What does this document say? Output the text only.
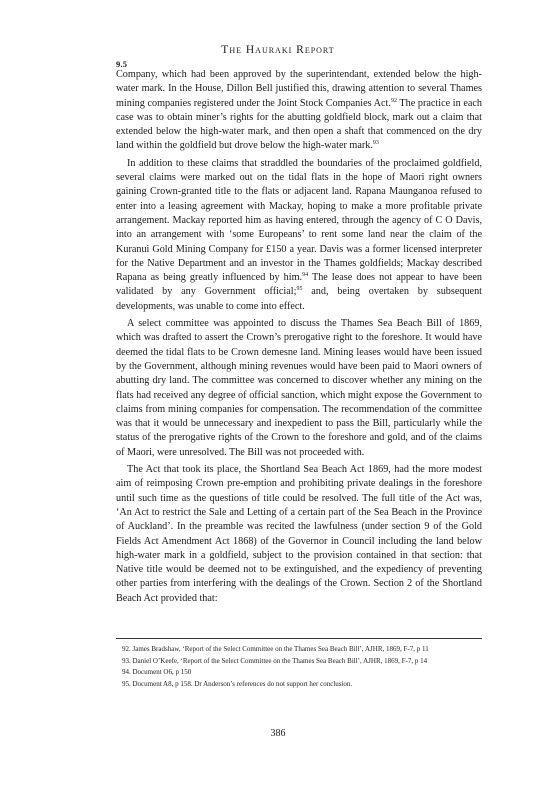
The Hauraki Report
9.5

Company, which had been approved by the superintendant, extended below the high-water mark. In the House, Dillon Bell justified this, drawing attention to several Thames mining companies registered under the Joint Stock Companies Act.$^{92}$ The practice in each case was to obtain miner’s rights for the abutting goldfield block, mark out a claim that extended below the high-water mark, and then open a shaft that commenced on the dry land within the goldfield but drove below the high-water mark.$^{93}$

In addition to these claims that straddled the boundaries of the proclaimed goldfield, several claims were marked out on the tidal flats in the hope of Maori right owners gaining Crown-granted title to the flats or adjacent land. Rapana Maunganoa refused to enter into a leasing agreement with Mackay, hoping to make a more profitable private arrangement. Mackay reported him as having entered, through the agency of C O Davis, into an arrangement with ‘some Europeans’ to rent some land near the claim of the Kuranui Gold Mining Company for £150 a year. Davis was a former licensed interpreter for the Native Department and an investor in the Thames goldfields; Mackay described Rapana as being greatly influenced by him.$^{94}$ The lease does not appear to have been validated by any Government official;$^{95}$ and, being overtaken by subsequent developments, was unable to come into effect.

A select committee was appointed to discuss the Thames Sea Beach Bill of 1869, which was drafted to assert the Crown’s prerogative right to the foreshore. It would have deemed the tidal flats to be Crown demesne land. Mining leases would have been issued by the Government, although mining revenues would have been paid to Maori owners of abutting dry land. The committee was concerned to discover whether any mining on the flats had received any degree of official sanction, which might expose the Government to claims from mining companies for compensation. The recommendation of the committee was that it would be unnecessary and inexpedient to pass the Bill, particularly while the status of the prerogative rights of the Crown to the foreshore and gold, and of the claims of Maori, were unresolved. The Bill was not proceeded with.

The Act that took its place, the Shortland Sea Beach Act 1869, had the more modest aim of reimposing Crown pre-emption and prohibiting private dealings in the foreshore until such time as the questions of title could be resolved. The full title of the Act was, ‘An Act to restrict the Sale and Letting of a certain part of the Sea Beach in the Province of Auckland’. In the preamble was recited the lawfulness (under section 9 of the Gold Fields Act Amendment Act 1868) of the Governor in Council including the land below high-water mark in a goldfield, subject to the provision contained in that section: that Native title would be deemed not to be extinguished, and the expediency of preventing other parties from interfering with the dealings of the Crown. Section 2 of the Shortland Beach Act provided that:

92. James Bradshaw, ‘Report of the Select Committee on the Thames Sea Beach Bill’, AJHR, 1869, F-7, p 11
93. Daniel O’Keefe, ‘Report of the Select Committee on the Thames Sea Beach Bill’, AJHR, 1869, F-7, p 14
94. Document O6, p 150
95. Document A8, p 158. Dr Anderson’s references do not support her conclusion.
386
